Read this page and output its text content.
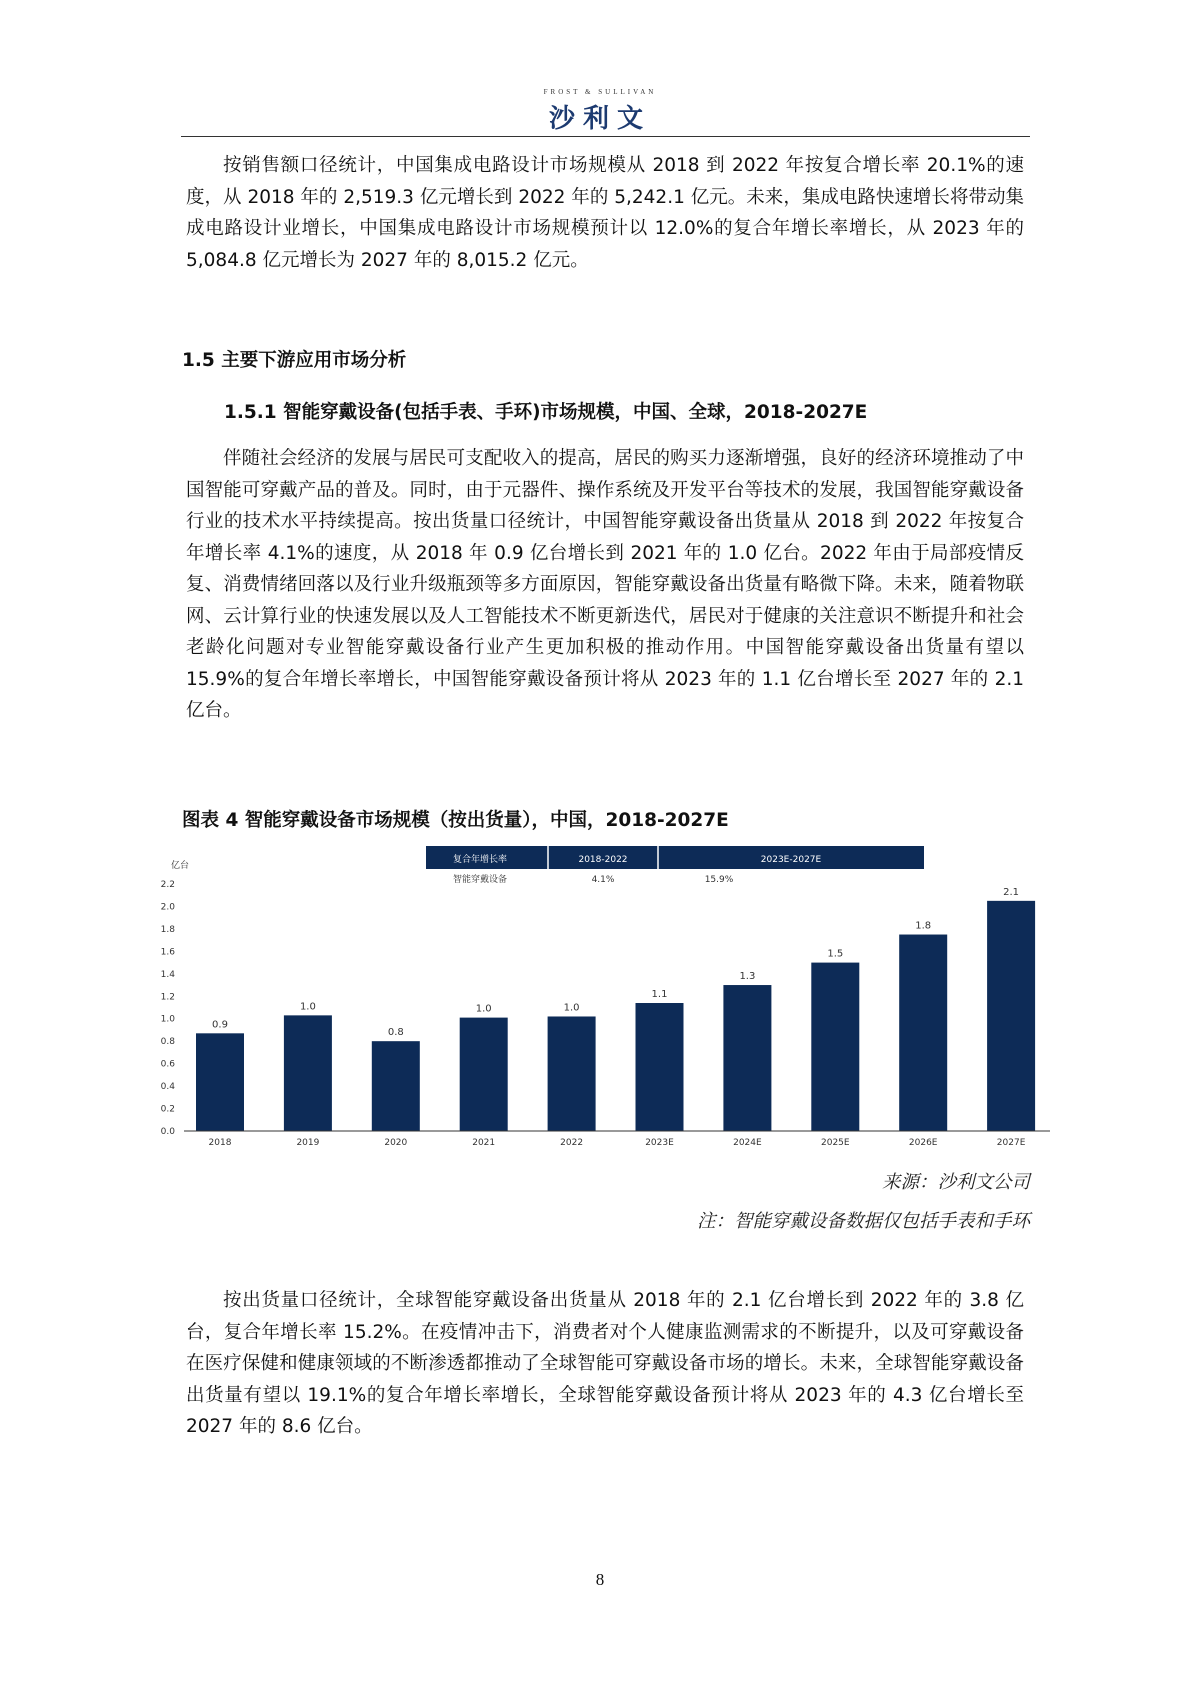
FROST & SULLIVAN
沙利文
按销售额口径统计，中国集成电路设计市场规模从 2018 到 2022 年按复合增长率 20.1%的速度，从 2018 年的 2,519.3 亿元增长到 2022 年的 5,242.1 亿元。未来，集成电路快速增长将带动集成电路设计业增长，中国集成电路设计市场规模预计以 12.0%的复合年增长率增长，从 2023 年的 5,084.8 亿元增长为 2027 年的 8,015.2 亿元。
1.5 主要下游应用市场分析
1.5.1 智能穿戴设备(包括手表、手环)市场规模，中国、全球，2018-2027E
伴随社会经济的发展与居民可支配收入的提高，居民的购买力逐渐增强，良好的经济环境推动了中国智能可穿戴产品的普及。同时，由于元器件、操作系统及开发平台等技术的发展，我国智能穿戴设备行业的技术水平持续提高。按出货量口径统计，中国智能穿戴设备出货量从 2018 到 2022 年按复合年增长率 4.1%的速度，从 2018 年 0.9 亿台增长到 2021 年的 1.0 亿台。2022 年由于局部疫情反复、消费情绪回落以及行业升级瓶颈等多方面原因，智能穿戴设备出货量有略微下降。未来，随着物联网、云计算行业的快速发展以及人工智能技术不断更新迭代，居民对于健康的关注意识不断提升和社会老龄化问题对专业智能穿戴设备行业产生更加积极的推动作用。中国智能穿戴设备出货量有望以 15.9%的复合年增长率增长，中国智能穿戴设备预计将从 2023 年的 1.1 亿台增长至 2027 年的 2.1 亿台。
图表 4 智能穿戴设备市场规模（按出货量），中国，2018-2027E
复合年增长率	2018-2022	2023E-2027E
智能穿戴设备	4.1%	15.9%
亿台
0.0
0.2
0.4
0.6
0.8
1.0
1.2
1.4
1.6
1.8
2.0
2.2
0.9
2018
1.0
2019
0.8
2020
1.0
2021
1.0
2022
1.1
2023E
1.3
2024E
1.5
2025E
1.8
2026E
2.1
2027E
来源：沙利文公司
注：智能穿戴设备数据仅包括手表和手环
按出货量口径统计，全球智能穿戴设备出货量从 2018 年的 2.1 亿台增长到 2022 年的 3.8 亿台，复合年增长率 15.2%。在疫情冲击下，消费者对个人健康监测需求的不断提升，以及可穿戴设备在医疗保健和健康领域的不断渗透都推动了全球智能可穿戴设备市场的增长。未来，全球智能穿戴设备出货量有望以 19.1%的复合年增长率增长，全球智能穿戴设备预计将从 2023 年的 4.3 亿台增长至 2027 年的 8.6 亿台。
8
